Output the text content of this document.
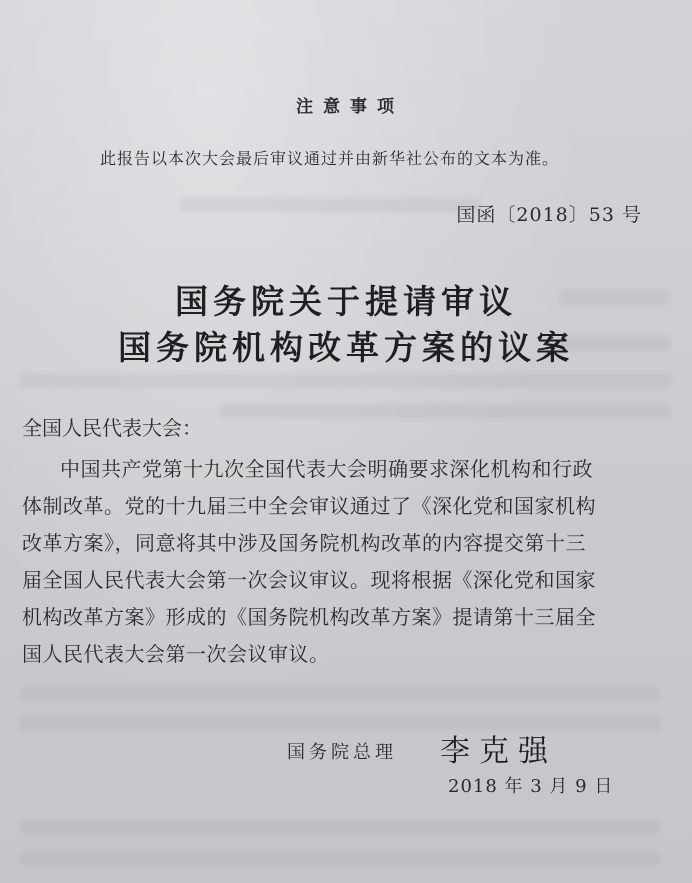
注意事项
此报告以本次大会最后审议通过并由新华社公布的文本为准。
国函〔2018〕53 号
国务院关于提请审议
国务院机构改革方案的议案
全国人民代表大会：
中国共产党第十九次全国代表大会明确要求深化机构和行政
体制改革。党的十九届三中全会审议通过了《深化党和国家机构
改革方案》，同意将其中涉及国务院机构改革的内容提交第十三
届全国人民代表大会第一次会议审议。现将根据《深化党和国家
机构改革方案》形成的《国务院机构改革方案》提请第十三届全
国人民代表大会第一次会议审议。
国务院总理 李克强
2018 年 3 月 9 日
